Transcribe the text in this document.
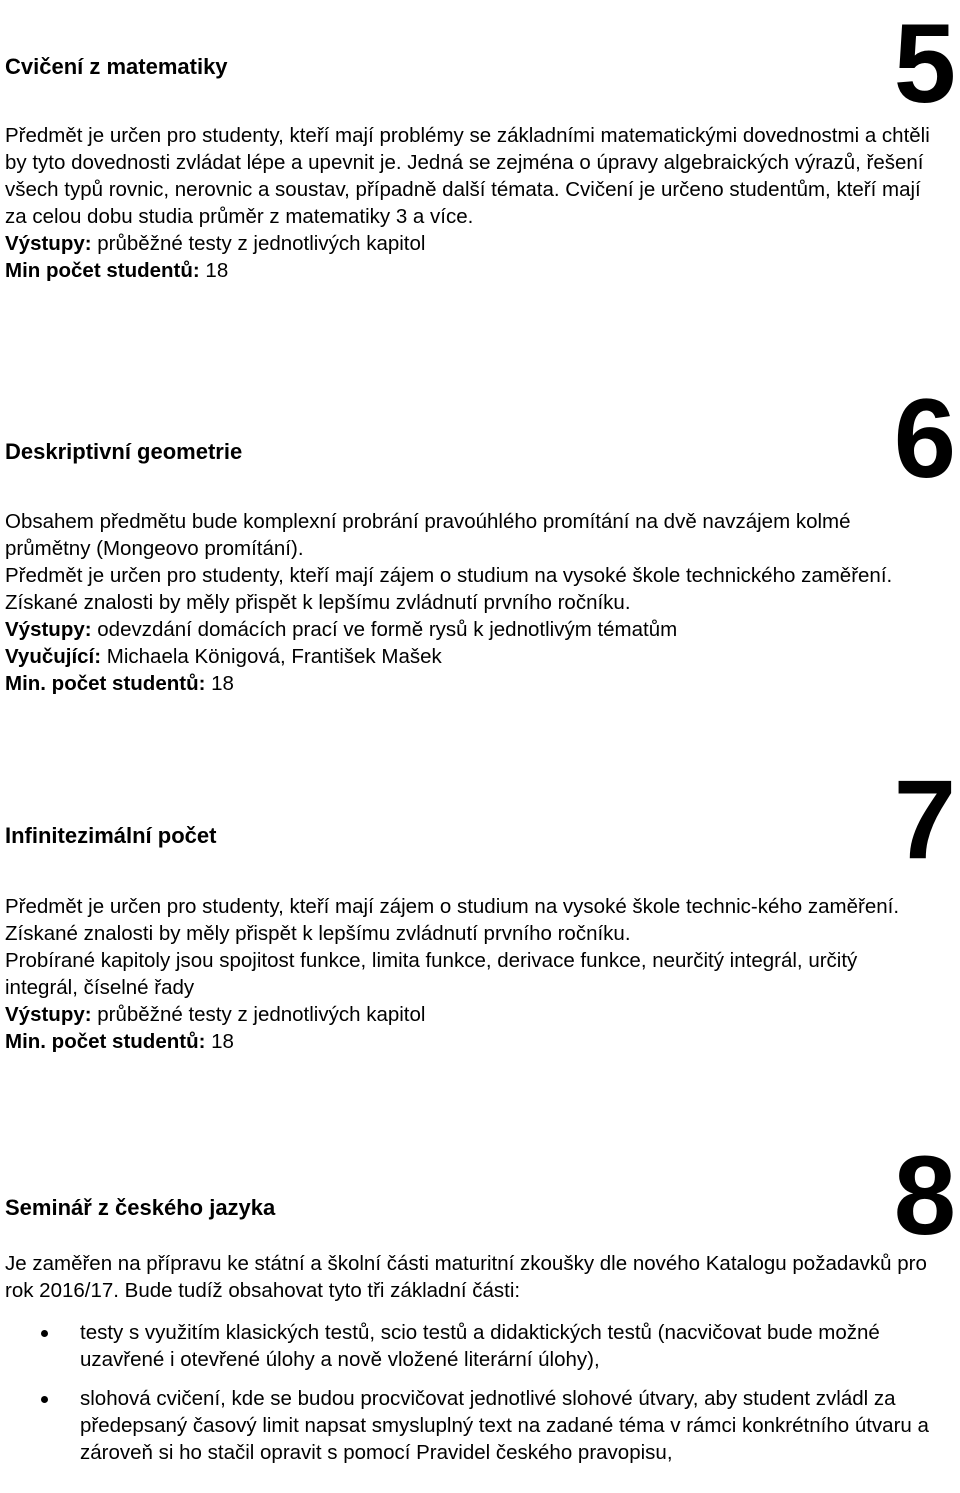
5
Cvičení z matematiky

Předmět je určen pro studenty, kteří mají problémy se základními matematickými dovednostmi a chtěli by tyto dovednosti zvládat lépe a upevnit je. Jedná se zejména o úpravy algebraických výrazů, řešení všech typů rovnic, nerovnic a soustav, případně další témata. Cvičení je určeno studentům, kteří mají za celou dobu studia průměr z matematiky 3 a více.

Výstupy: průběžné testy z jednotlivých kapitol

Min počet studentů: 18

6
Deskriptivní geometrie

Obsahem předmětu bude komplexní probrání pravoúhlého promítání na dvě navzájem kolmé průmětny (Mongeovo promítání).

Předmět je určen pro studenty, kteří mají zájem o studium na vysoké škole technického zaměření. Získané znalosti by měly přispět k lepšímu zvládnutí prvního ročníku.

Výstupy: odevzdání domácích prací ve formě rysů k jednotlivým tématům

Vyučující: Michaela Königová, František Mašek

Min. počet studentů: 18

7
Infinitezimální počet

Předmět je určen pro studenty, kteří mají zájem o studium na vysoké škole technic-kého zaměření. Získané znalosti by měly přispět k lepšímu zvládnutí prvního ročníku.

Probírané kapitoly jsou spojitost funkce, limita funkce, derivace funkce, neurčitý integrál, určitý integrál, číselné řady

Výstupy: průběžné testy z jednotlivých kapitol

Min. počet studentů: 18

8
Seminář z českého jazyka

Je zaměřen na přípravu ke státní a školní části maturitní zkoušky dle nového Katalogu požadavků pro rok 2016/17. Bude tudíž obsahovat tyto tři základní části:

testy s využitím klasických testů, scio testů a didaktických testů (nacvičovat bude možné uzavřené i otevřené úlohy a nově vložené literární úlohy),
slohová cvičení, kde se budou procvičovat jednotlivé slohové útvary, aby student zvládl za předepsaný časový limit napsat smysluplný text na zadané téma v rámci konkrétního útvaru a zároveň si ho stačil opravit s pomocí Pravidel českého pravopisu,
